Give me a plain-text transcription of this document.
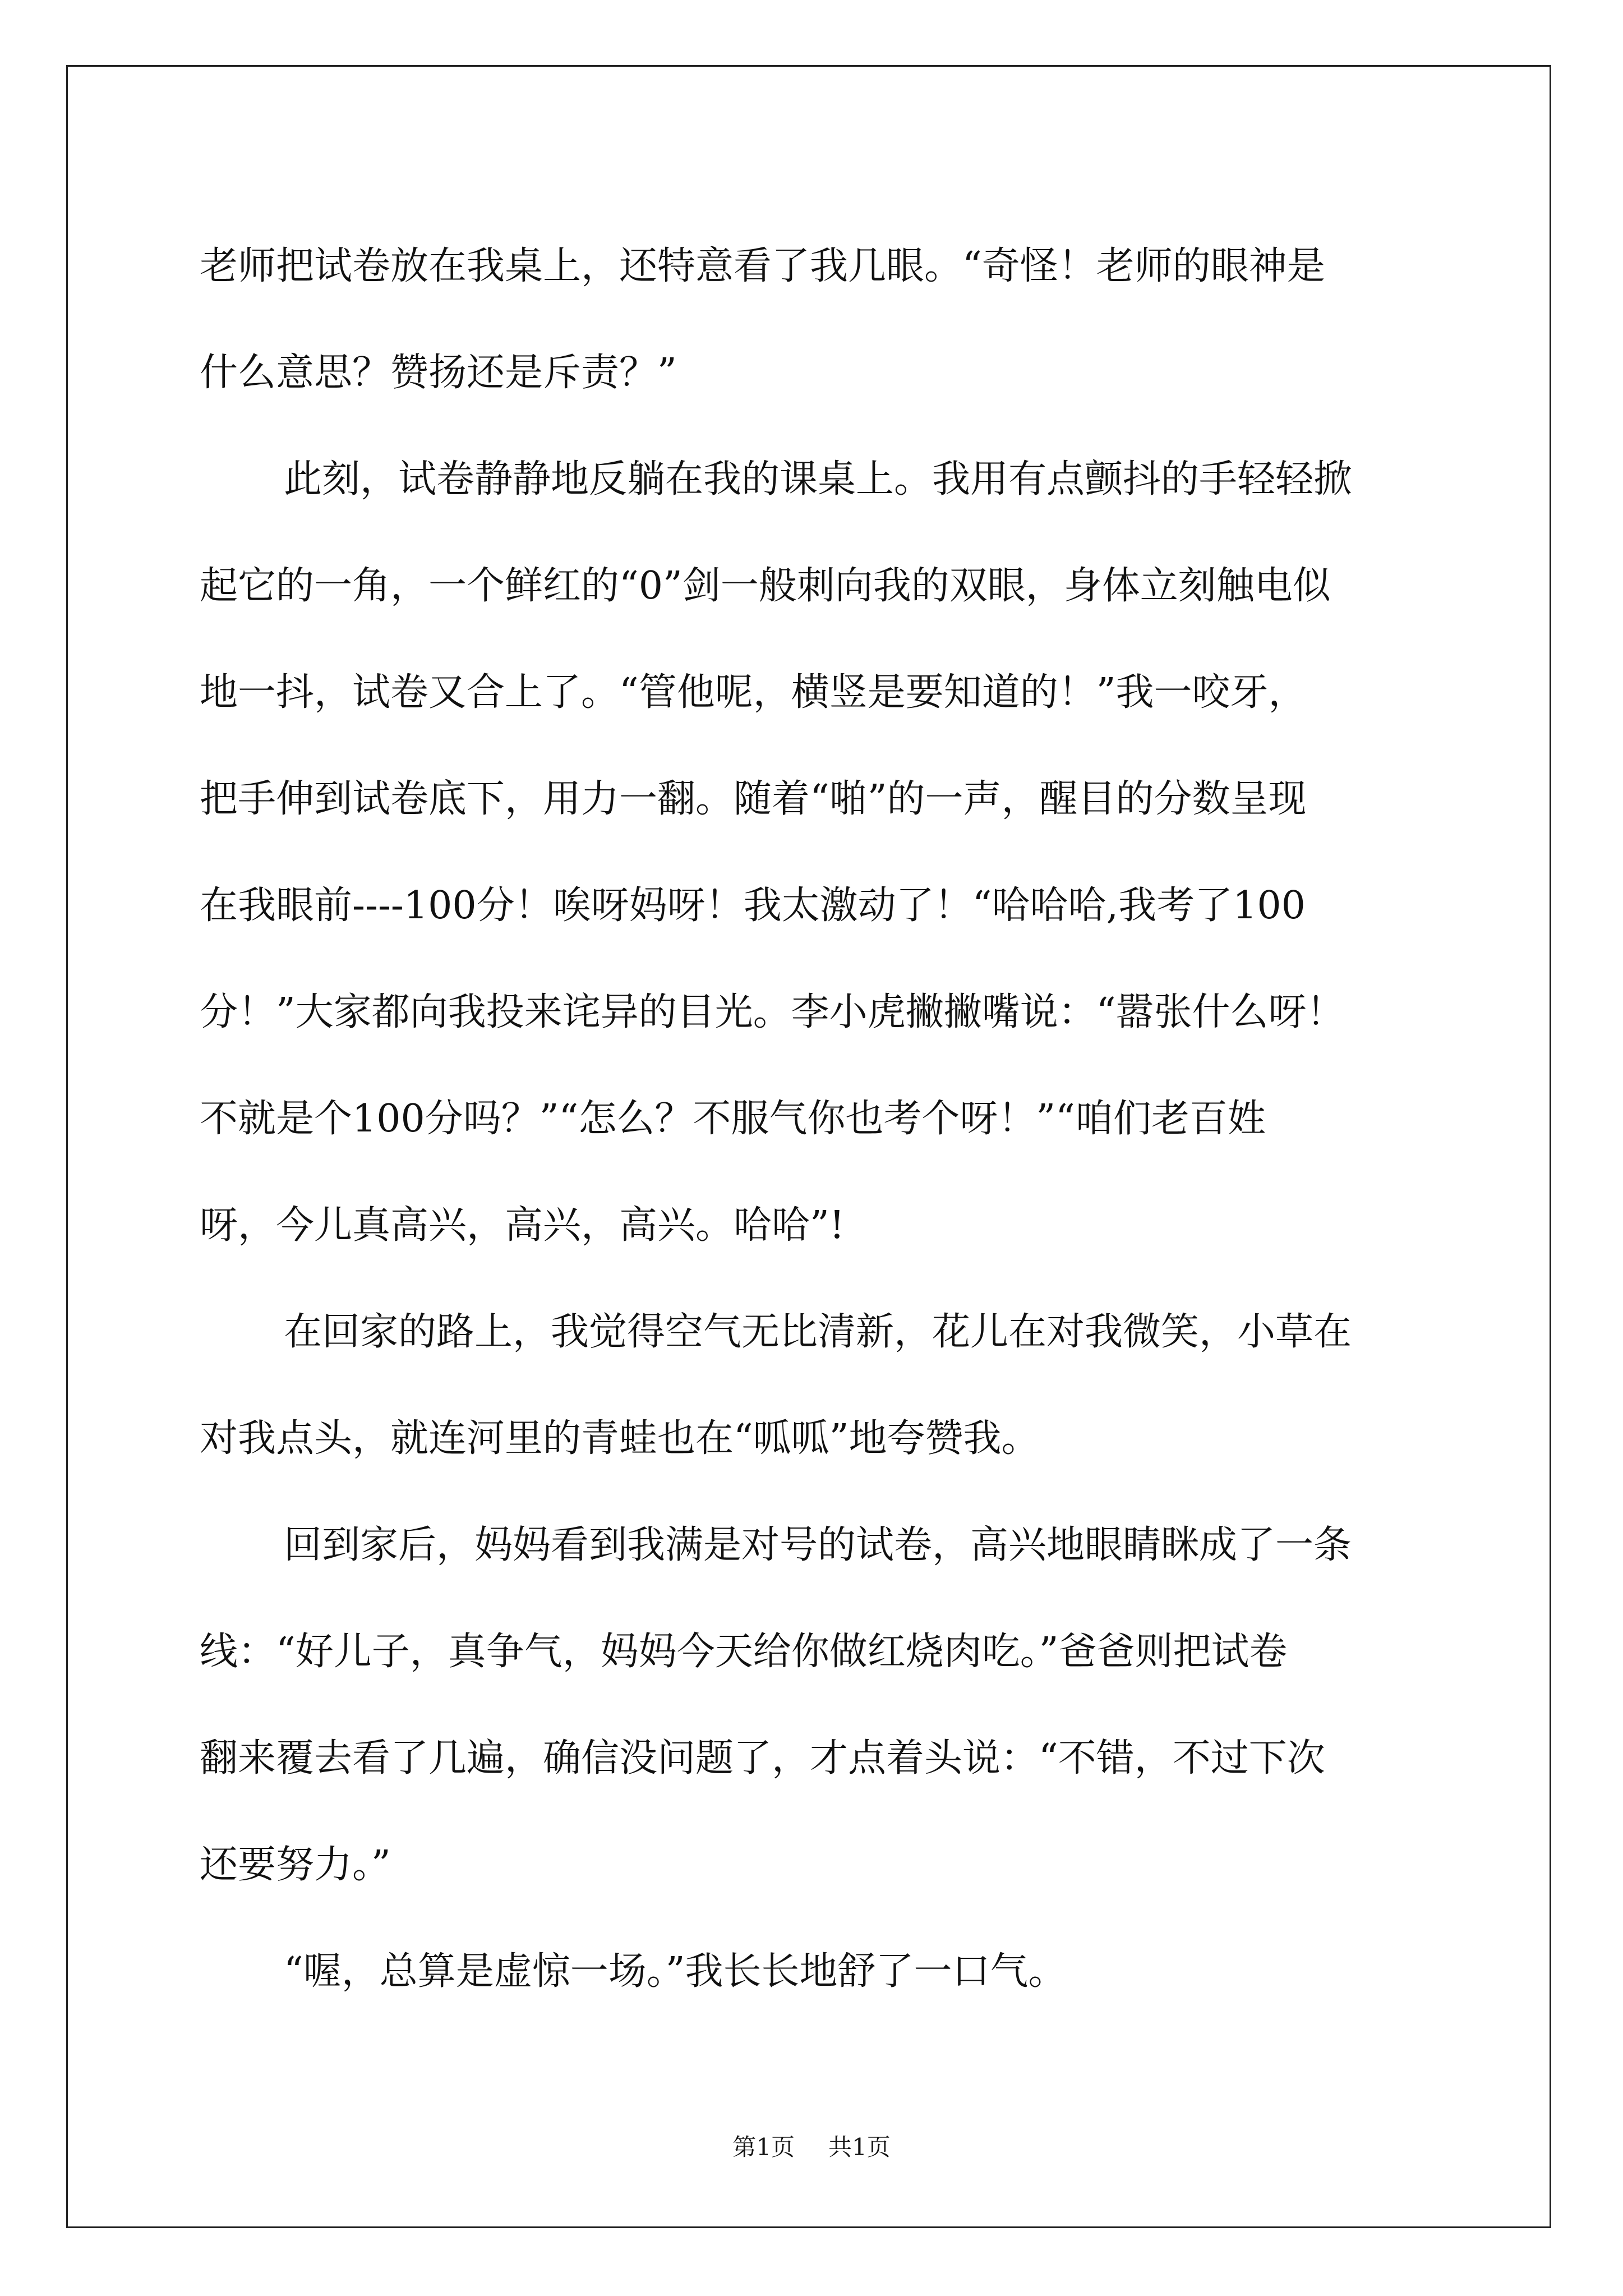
老师把试卷放在我桌上，还特意看了我几眼。“奇怪！老师的眼神是
什么意思？赞扬还是斥责？”
此刻，试卷静静地反躺在我的课桌上。我用有点颤抖的手轻轻掀
起它的一角，一个鲜红的“0”剑一般刺向我的双眼，身体立刻触电似
地一抖，试卷又合上了。“管他呢，横竖是要知道的！”我一咬牙，
把手伸到试卷底下，用力一翻。随着“啪”的一声，醒目的分数呈现
在我眼前----100分！唉呀妈呀！我太激动了！“哈哈哈,我考了100
分！”大家都向我投来诧异的目光。李小虎撇撇嘴说：“嚣张什么呀！
不就是个100分吗？”“怎么？不服气你也考个呀！”“咱们老百姓
呀，今儿真高兴，高兴，高兴。哈哈”!
在回家的路上，我觉得空气无比清新，花儿在对我微笑，小草在
对我点头，就连河里的青蛙也在“呱呱”地夸赞我。
回到家后，妈妈看到我满是对号的试卷，高兴地眼睛眯成了一条
线：“好儿子，真争气，妈妈今天给你做红烧肉吃。”爸爸则把试卷
翻来覆去看了几遍，确信没问题了，才点着头说：“不错，不过下次
还要努力。”
“喔，总算是虚惊一场。”我长长地舒了一口气。
第1页 共1页
